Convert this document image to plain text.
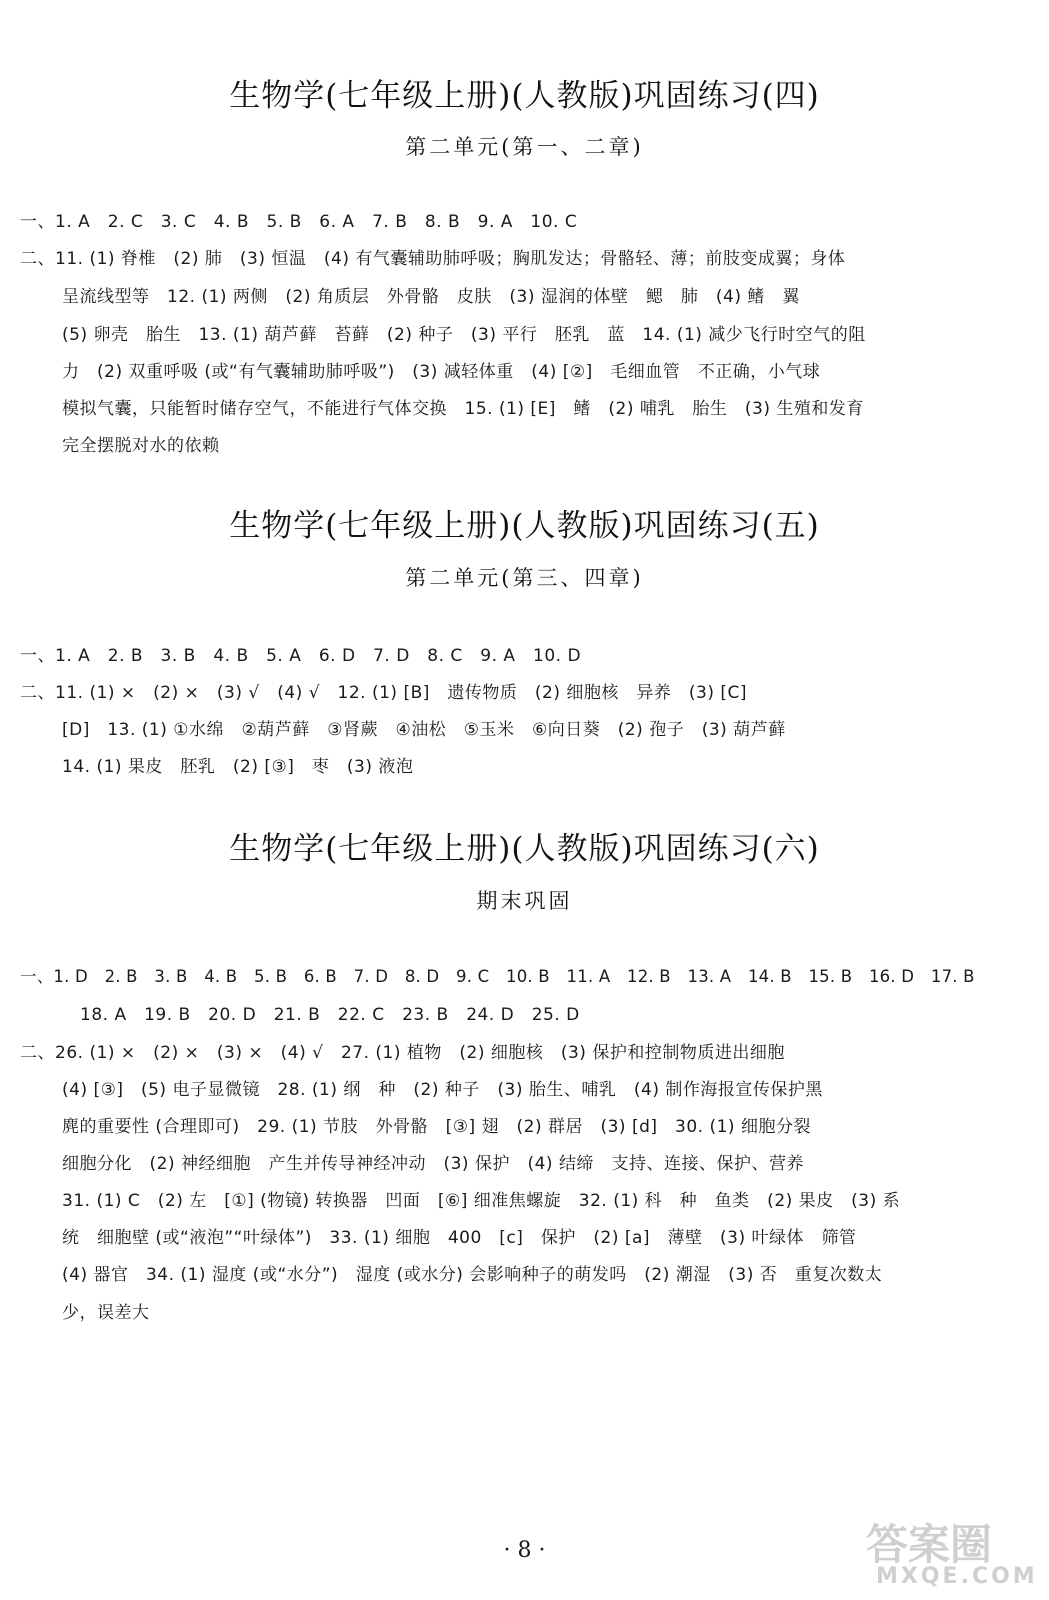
生物学(七年级上册)(人教版)巩固练习(四)
第二单元(第一、二章)
一、1. A　2. C　3. C　4. B　5. B　6. A　7. B　8. B　9. A　10. C
二、11. (1) 脊椎　(2) 肺　(3) 恒温　(4) 有气囊辅助肺呼吸；胸肌发达；骨骼轻、薄；前肢变成翼；身体
呈流线型等　12. (1) 两侧　(2) 角质层　外骨骼　皮肤　(3) 湿润的体壁　鳃　肺　(4) 鳍　翼
(5) 卵壳　胎生　13. (1) 葫芦藓　苔藓　(2) 种子　(3) 平行　胚乳　蓝　14. (1) 减少飞行时空气的阻
力　(2) 双重呼吸 (或“有气囊辅助肺呼吸”)　(3) 减轻体重　(4) [②]　毛细血管　不正确，小气球
模拟气囊，只能暂时储存空气，不能进行气体交换　15. (1) [E]　鳍　(2) 哺乳　胎生　(3) 生殖和发育
完全摆脱对水的依赖
生物学(七年级上册)(人教版)巩固练习(五)
第二单元(第三、四章)
一、1. A　2. B　3. B　4. B　5. A　6. D　7. D　8. C　9. A　10. D
二、11. (1) ×　(2) ×　(3) √　(4) √　12. (1) [B]　遗传物质　(2) 细胞核　异养　(3) [C]
[D]　13. (1) ①水绵　②葫芦藓　③肾蕨　④油松　⑤玉米　⑥向日葵　(2) 孢子　(3) 葫芦藓
14. (1) 果皮　胚乳　(2) [③]　枣　(3) 液泡
生物学(七年级上册)(人教版)巩固练习(六)
期末巩固
一、1. D　2. B　3. B　4. B　5. B　6. B　7. D　8. D　9. C　10. B　11. A　12. B　13. A　14. B　15. B　16. D　17. B
18. A　19. B　20. D　21. B　22. C　23. B　24. D　25. D
二、26. (1) ×　(2) ×　(3) ×　(4) √　27. (1) 植物　(2) 细胞核　(3) 保护和控制物质进出细胞
(4) [③]　(5) 电子显微镜　28. (1) 纲　种　(2) 种子　(3) 胎生、哺乳　(4) 制作海报宣传保护黑
麂的重要性 (合理即可)　29. (1) 节肢　外骨骼　[③] 翅　(2) 群居　(3) [d]　30. (1) 细胞分裂
细胞分化　(2) 神经细胞　产生并传导神经冲动　(3) 保护　(4) 结缔　支持、连接、保护、营养
31. (1) C　(2) 左　[①] (物镜) 转换器　凹面　[⑥] 细准焦螺旋　32. (1) 科　种　鱼类　(2) 果皮　(3) 系
统　细胞壁 (或“液泡”“叶绿体”)　33. (1) 细胞　400　[c]　保护　(2) [a]　薄壁　(3) 叶绿体　筛管
(4) 器官　34. (1) 湿度 (或“水分”)　湿度 (或水分) 会影响种子的萌发吗　(2) 潮湿　(3) 否　重复次数太
少，误差大
· 8 ·	答案圈
MXQE.COM
